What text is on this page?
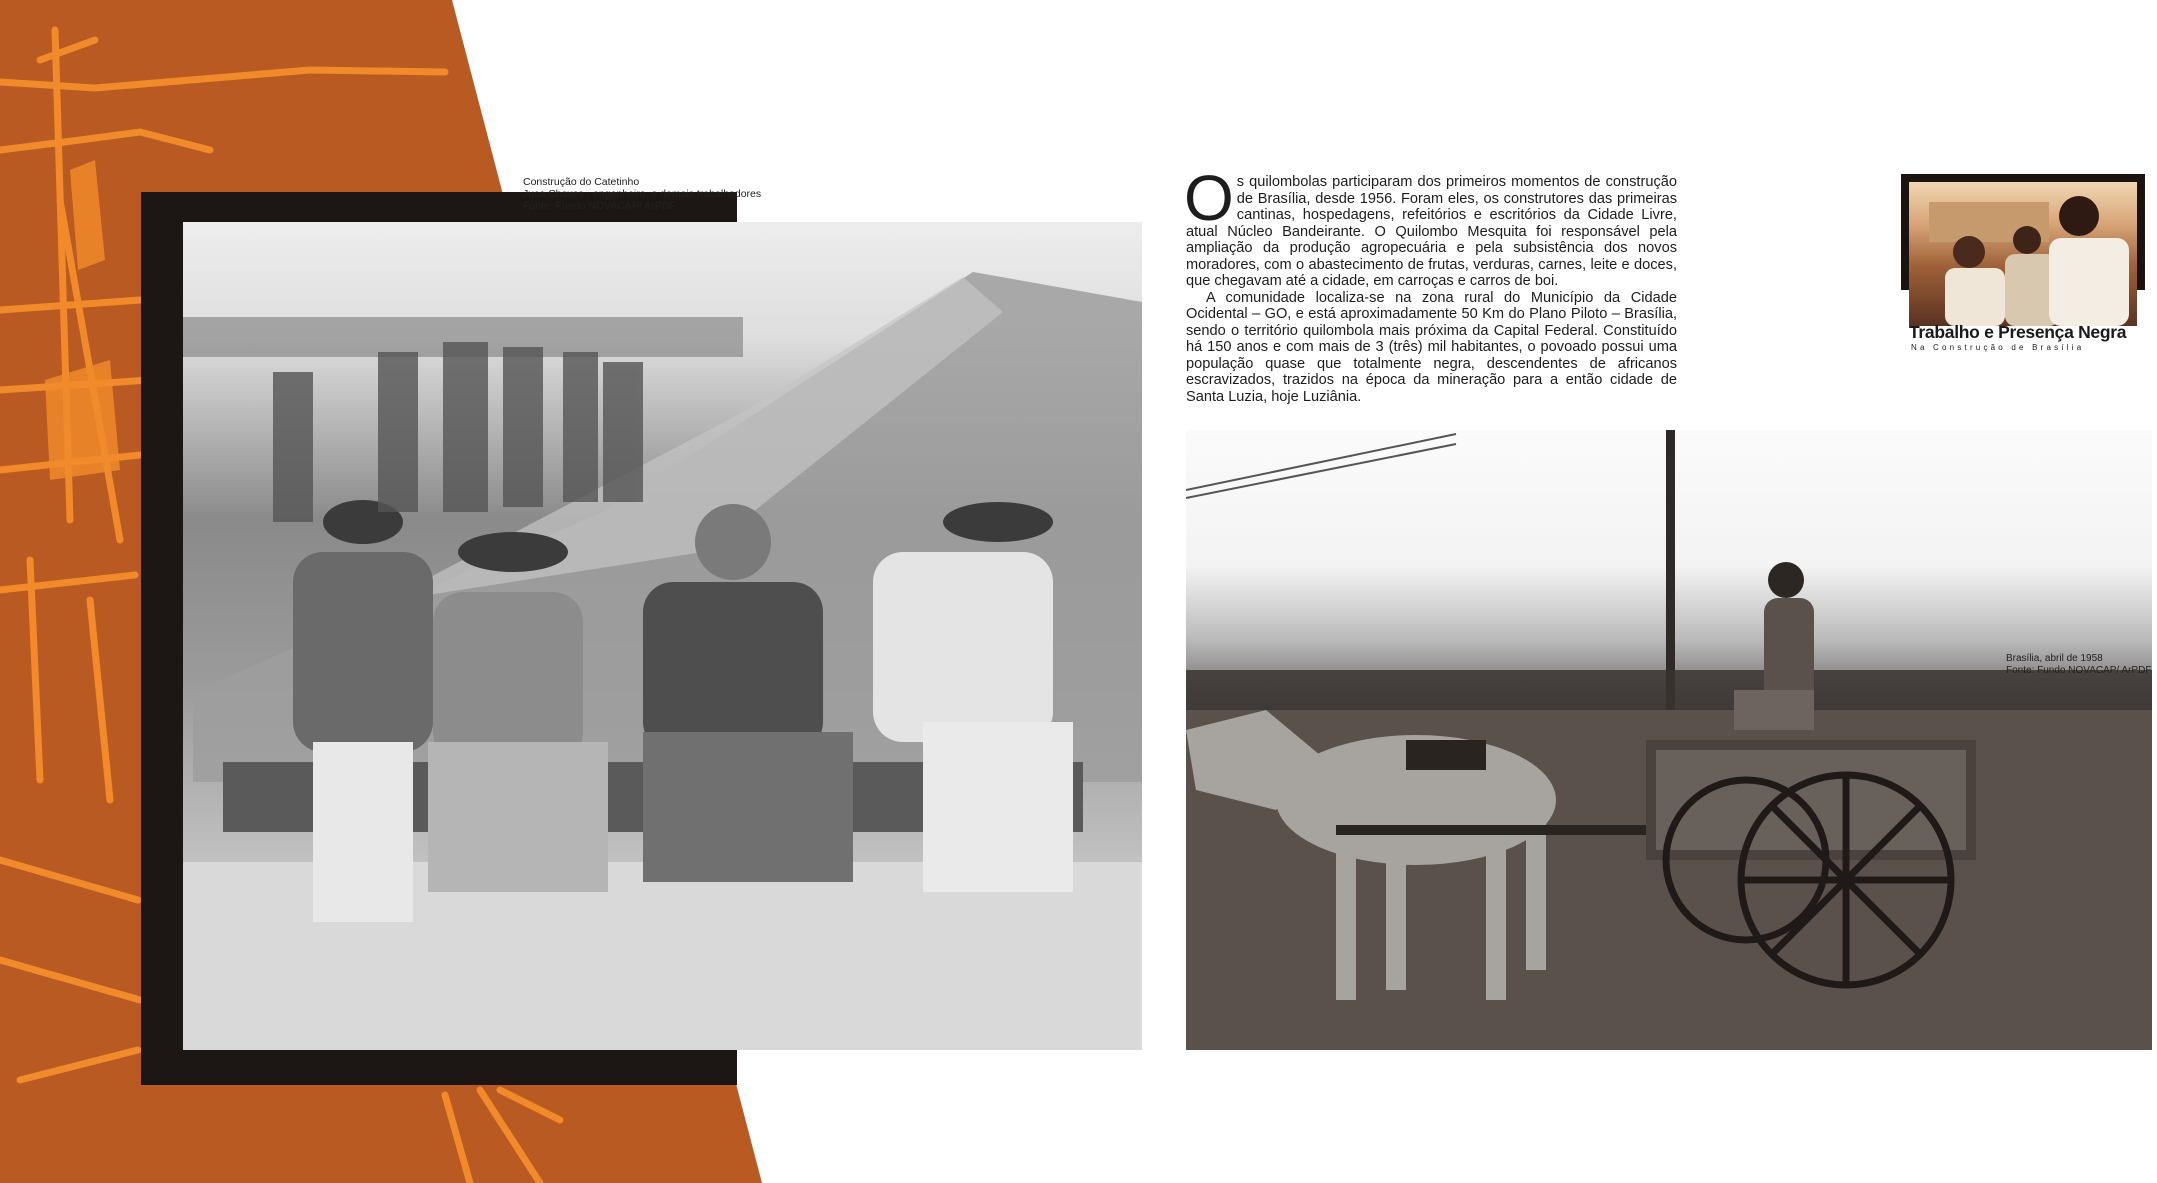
Construção do Catetinho
Juca Chaves - engenheiro, e demais trabalhadores
Fonte: Fundo NOVACAP/ ArPDF	Os quilombolas participaram dos primeiros momentos de construção de Brasília, desde 1956. Foram eles, os construtores das primeiras cantinas, hospedagens, refeitórios e escritórios da Cidade Livre, atual Núcleo Bandeirante. O Quilombo Mesquita foi responsável pela ampliação da produção agropecuária e pela subsistência dos novos moradores, com o abastecimento de frutas, verduras, carnes, leite e doces, que chegavam até a cidade, em carroças e carros de boi.

A comunidade localiza-se na zona rural do Município da Cidade Ocidental – GO, e está aproximadamente 50 Km do Plano Piloto – Brasília, sendo o território quilombola mais próxima da Capital Federal. Constituído há 150 anos e com mais de 3 (três) mil habitantes, o povoado possui uma população quase que totalmente negra, descendentes de africanos escravizados, trazidos na época da mineração para a então cidade de Santa Luzia, hoje Luziânia.

Trabalho e Presença Negra
Na Construção de Brasília
Brasília, abril de 1958
Fonte: Fundo NOVACAP/ ArPDF
